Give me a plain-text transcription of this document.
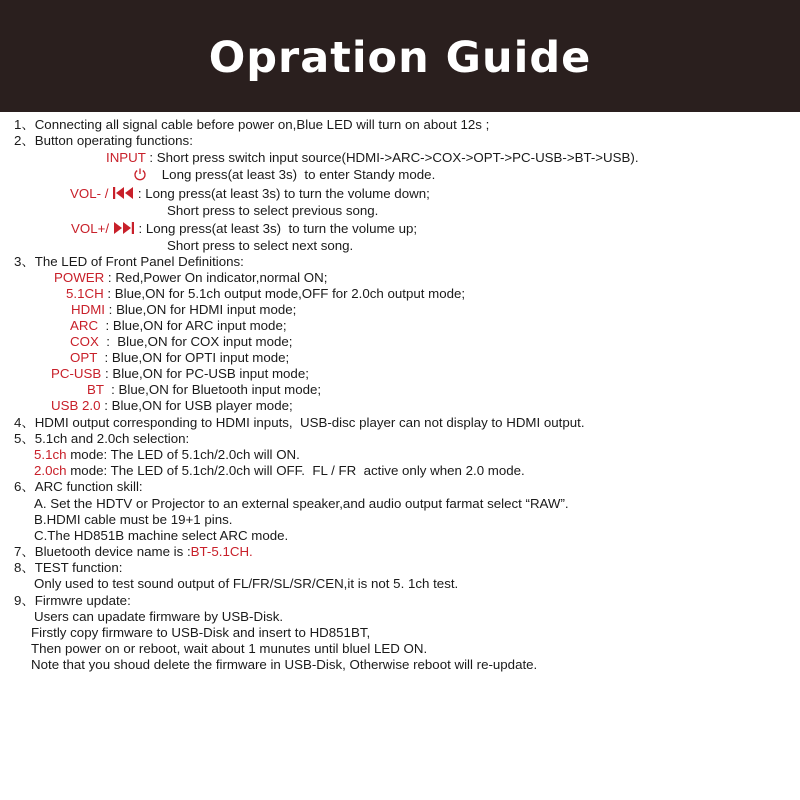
Opration Guide
1、Connecting all signal cable before power on,Blue LED will turn on about 12s ;
2、Button operating functions:
INPUT : Short press switch input source(HDMI->ARC->COX->OPT->PC-USB->BT->USB).
Long press(at least 3s)  to enter Standy mode.
VOL- /  : Long press(at least 3s) to turn the volume down;
Short press to select previous song.
VOL+/  : Long press(at least 3s)  to turn the volume up;
Short press to select next song.
3、The LED of Front Panel Definitions:
POWER : Red,Power On indicator,normal ON;
5.1CH : Blue,ON for 5.1ch output mode,OFF for 2.0ch output mode;
HDMI : Blue,ON for HDMI input mode;
ARC  : Blue,ON for ARC input mode;
COX  :  Blue,ON for COX input mode;
OPT  : Blue,ON for OPTI input mode;
PC-USB : Blue,ON for PC-USB input mode;
BT  : Blue,ON for Bluetooth input mode;
USB 2.0 : Blue,ON for USB player mode;
4、HDMI output corresponding to HDMI inputs,  USB-disc player can not display to HDMI output.
5、5.1ch and 2.0ch selection:
5.1ch mode: The LED of 5.1ch/2.0ch will ON.
2.0ch mode: The LED of 5.1ch/2.0ch will OFF.  FL / FR  active only when 2.0 mode.
6、ARC function skill:
A. Set the HDTV or Projector to an external speaker,and audio output farmat select “RAW”.
B.HDMI cable must be 19+1 pins.
C.The HD851B machine select ARC mode.
7、Bluetooth device name is :BT-5.1CH.
8、TEST function:
Only used to test sound output of FL/FR/SL/SR/CEN,it is not 5. 1ch test.
9、Firmwre update:
Users can upadate firmware by USB-Disk.
Firstly copy firmware to USB-Disk and insert to HD851BT,
Then power on or reboot, wait about 1 munutes until bluel LED ON.
Note that you shoud delete the firmware in USB-Disk, Otherwise reboot will re-update.
